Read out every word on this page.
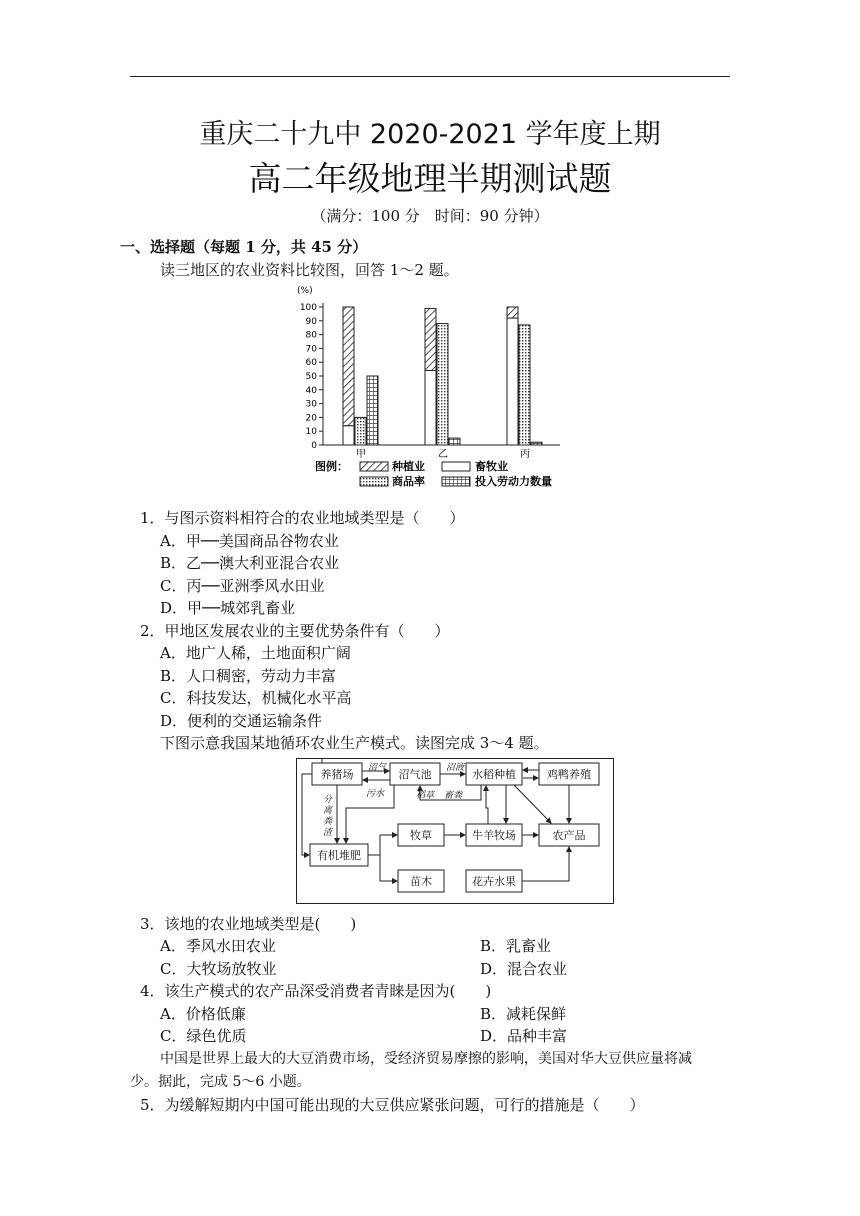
重庆二十九中 2020-2021 学年度上期
高二年级地理半期测试题
（满分：100 分　时间：90 分钟）
一、选择题（每题 1 分，共 45 分）
读三地区的农业资料比较图，回答 1～2 题。
(%)
100
90
80
70
60
50
40
30
20
10
0
甲	乙	丙
图例：	种植业	畜牧业
商品率	投入劳动力数量
1．与图示资料相符合的农业地域类型是（　　）
A．甲──美国商品谷物农业
B．乙──澳大利亚混合农业
C．丙──亚洲季风水田业
D．甲──城郊乳畜业
2．甲地区发展农业的主要优势条件有（　　）
A．地广人稀，土地面积广阔
B．人口稠密，劳动力丰富
C．科技发达，机械化水平高
D．便利的交通运输条件
下图示意我国某地循环农业生产模式。读图完成 3～4 题。
养猪场	沼气池	水稻种植	鸡鸭养殖
有机堆肥
牧草	牛羊牧场	农产品
苗木	花卉水果
沼气
污水
沼液
稻草 畜粪
分
离
粪
渣
3．该地的农业地域类型是(　　)
A．季风水田农业	B．乳畜业
C．大牧场放牧业	D．混合农业
4．该生产模式的农产品深受消费者青睐是因为(　　)
A．价格低廉	B．减耗保鲜
C．绿色优质	D．品种丰富
中国是世界上最大的大豆消费市场，受经济贸易摩擦的影响，美国对华大豆供应量将减
少。据此，完成 5～6 小题。
5．为缓解短期内中国可能出现的大豆供应紧张问题，可行的措施是（　　）
